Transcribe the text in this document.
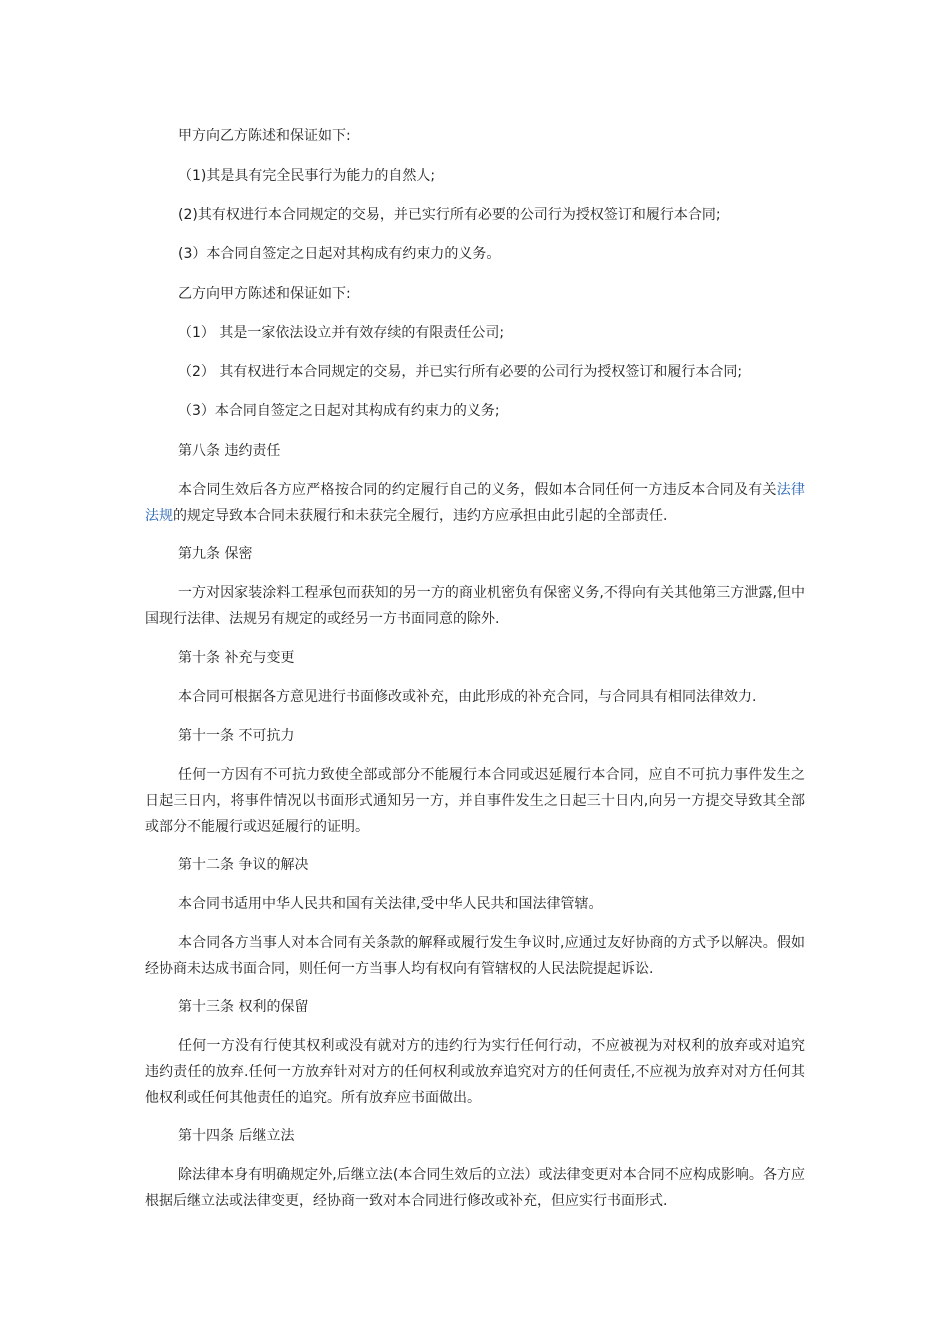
甲方向乙方陈述和保证如下:
（1)其是具有完全民事行为能力的自然人;
(2)其有权进行本合同规定的交易，并已实行所有必要的公司行为授权签订和履行本合同;
(3）本合同自签定之日起对其构成有约束力的义务。
乙方向甲方陈述和保证如下:
（1） 其是一家依法设立并有效存续的有限责任公司;
（2） 其有权进行本合同规定的交易，并已实行所有必要的公司行为授权签订和履行本合同;
（3）本合同自签定之日起对其构成有约束力的义务;
第八条 违约责任
本合同生效后各方应严格按合同的约定履行自己的义务，假如本合同任何一方违反本合同及有关法律法规的规定导致本合同未获履行和未获完全履行，违约方应承担由此引起的全部责任.
第九条 保密
一方对因家装涂料工程承包而获知的另一方的商业机密负有保密义务,不得向有关其他第三方泄露,但中国现行法律、法规另有规定的或经另一方书面同意的除外.
第十条 补充与变更
本合同可根据各方意见进行书面修改或补充，由此形成的补充合同，与合同具有相同法律效力.
第十一条 不可抗力
任何一方因有不可抗力致使全部或部分不能履行本合同或迟延履行本合同，应自不可抗力事件发生之日起三日内，将事件情况以书面形式通知另一方，并自事件发生之日起三十日内,向另一方提交导致其全部或部分不能履行或迟延履行的证明。
第十二条 争议的解决
本合同书适用中华人民共和国有关法律,受中华人民共和国法律管辖。
本合同各方当事人对本合同有关条款的解释或履行发生争议时,应通过友好协商的方式予以解决。假如经协商未达成书面合同，则任何一方当事人均有权向有管辖权的人民法院提起诉讼.
第十三条 权利的保留
任何一方没有行使其权利或没有就对方的违约行为实行任何行动，不应被视为对权利的放弃或对追究违约责任的放弃.任何一方放弃针对对方的任何权利或放弃追究对方的任何责任,不应视为放弃对对方任何其他权利或任何其他责任的追究。所有放弃应书面做出。
第十四条 后继立法
除法律本身有明确规定外,后继立法(本合同生效后的立法）或法律变更对本合同不应构成影响。各方应根据后继立法或法律变更，经协商一致对本合同进行修改或补充，但应实行书面形式.
